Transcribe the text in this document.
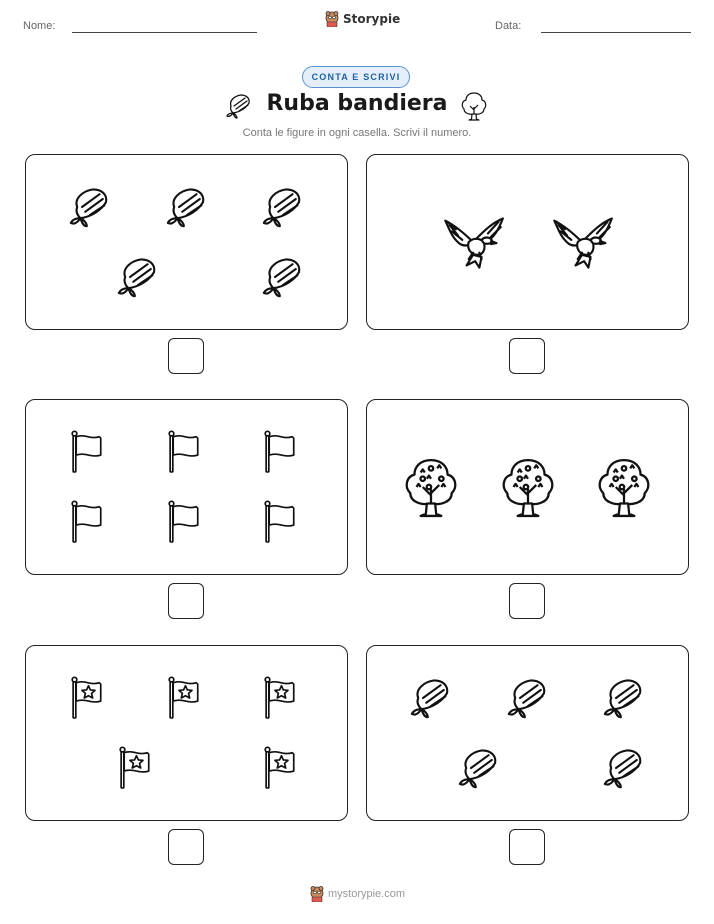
Nome:	Storypie	Data:
CONTA E SCRIVI
Ruba bandiera
Conta le figure in ogni casella. Scrivi il numero.
mystorypie.com
